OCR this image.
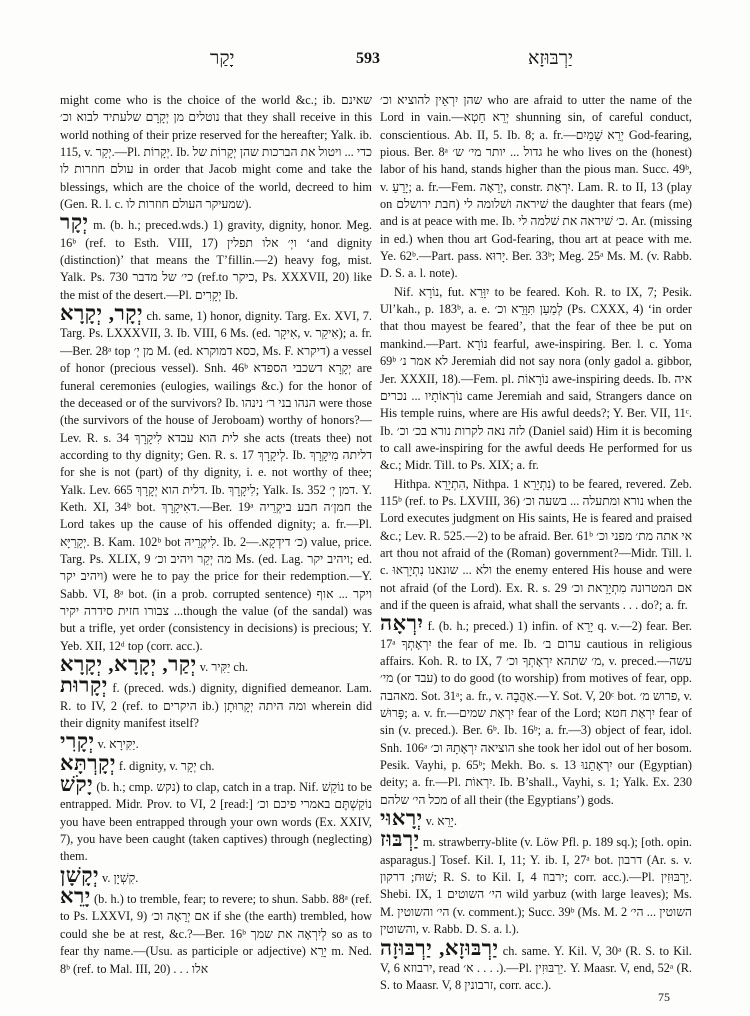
יָקַר	593	יַרְבּוּזָא

might come who is the choice of the world &c.; ib. שאינם נוטלים מן יְקָרָם שלעתיד לבוא וכ׳ that they shall receive in this world nothing of their prize reserved for the hereafter; Yalk. ib. 115, v. יְקַר.—Pl. יְקָרוֹת. Ib. כדי ... ויטול את הברכות שהן יְקָרוֹת של עולם חוזרות לו in order that Jacob might come and take the blessings, which are the choice of the world, decreed to him (Gen. R. l. c. שמעיקר העולם חוזרות לו).

יְקָר m. (b. h.; preced.wds.) 1) gravity, dignity, honor. Meg. 16ᵇ (ref. to Esth. VIII, 17) ויְ׳ אלו תפלין ‘and dignity (distinction)’ that means the T’fillin.—2) heavy fog, mist. Yalk. Ps. 730 כי׳ של מדבר (ref.to כיקר, Ps. XXXVII, 20) like the mist of the desert.—Pl. יְקָרִים Ib.

יְקָר, יְקָרָא ch. same, 1) honor, dignity. Targ. Ex. XVI, 7. Targ. Ps. LXXXVII, 3. Ib. VIII, 6 Ms. (ed. אִיקָר, v. אִיקַר); a. fr.—Ber. 28ᵃ top מן יְ׳ M. (ed. כסא דמוקרא, Ms. F. דיקרא) a vessel of honor (precious vessel). Snh. 46ᵇ יְקָרָא דשכבי הספדא are funeral ceremonies (eulogies, wailings &c.) for the honor of the deceased or of the survivors? Ib. הנהו בני ר׳ נינהו were those (the survivors of the house of Jeroboam) worthy of honors?—Lev. R. s. 34 לית הוא עבדא לִיקָרָךְ she acts (treats thee) not according to thy dignity; Gen. R. s. 17 לְיקָרָךְ. Ib. דליתה מִיקָרָךְ for she is not (part) of thy dignity, i. e. not worthy of thee; Yalk. Lev. 665 דלית הוא יְקָרָךְ. Ib. לִיקָרָךְ; Yalk. Is. 352 דמן יְ׳. Y. Keth. XI, 34ᵇ bot. דאִיקָרָךְ.—Ber. 19ᵃ חמן׳ה חבע ביקְרֵיה the Lord takes up the cause of his offended dignity; a. fr.—Pl. יְקָרַיָּא. B. Kam. 102ᵇ bot לִיקְרֵיהּ. Ib. כ׳ דידְקָא.—2) value, price. Targ. Ps. XLIX, 9 מה יְקַר ויהיב וכ׳ Ms. (ed. Lag. ויהיב יקר; ed. ויהיב יקר) were he to pay the price for their redemption.—Y. Sabb. VI, 8ᵃ bot. (in a prob. corrupted sentence) ויקר ... אוף צבורו חזית סידרה יקיר ...though the value (of the sandal) was but a trifle, yet order (consistency in decisions) is precious; Y. Yeb. XII, 12ᵈ top (corr. acc.).

יְקַר, יְקָרָא, יְקָרָא v. יַקִּיר ch.

יְקָרוּת f. (preced. wds.) dignity, dignified demeanor. Lam. R. to IV, 2 (ref. to היקרים ib.) ומה היתה יְקָרוּתָן wherein did their dignity manifest itself?

יְקָרִי v. יַקִּירָא.

יְקָרְתָּא f. dignity, v. יְקָר ch.

יָקֹשׁ (b. h.; cmp. נקש) to clap, catch in a trap. Nif. נוֹקַשׁ to be entrapped. Midr. Prov. to VI, 2 [read:] נוֹקַשְׁתֶּם באמרי פיכם וכ׳ you have been entrapped through your own words (Ex. XXIV, 7), you have been caught (taken captives) through (neglecting) them.

יְקָשָׁן v. קִשְׁיָן.

יָרֵא (b. h.) to tremble, fear; to revere; to shun. Sabb. 88ᵃ (ref. to Ps. LXXVI, 9) אם יְרֵאָה וכ׳ if she (the earth) trembled, how could she be at rest, &c.?—Ber. 16ᵇ לְיִרְאָה את שמך so as to fear thy name.—(Usu. as participle or adjective) יָרֵא m. Ned. 8ᵇ (ref. to Mal. III, 20) . . . אלו

שהן יִרְאֵין להוציא וכ׳ who are afraid to utter the name of the Lord in vain.—יְרֵא חֵטְא shunning sin, of careful conduct, conscientious. Ab. II, 5. Ib. 8; a. fr.—יְרֵא שָׁמַיִם God-fearing, pious. Ber. 8ᵃ גדול ... יותר מי׳ ש׳ he who lives on the (honest) labor of his hand, stands higher than the pious man. Succ. 49ᵇ, v. יָרֵעַ; a. fr.—Fem. יְרֵאָה, constr. יִרְאַת. Lam. R. to II, 13 (play on חבת ירושלם) שׁיראה ושׁלומה לי the daughter that fears (me) and is at peace with me. Ib. כ׳ שׁיראה את שׁלמה לי. Ar. (missing in ed.) when thou art God-fearing, thou art at peace with me. Ye. 62ᵇ.—Part. pass. יָרוּא. Ber. 33ᵇ; Meg. 25ᵃ Ms. M. (v. Rabb. D. S. a. l. note).

Nif. נוֹרָא, fut. יִוָּרֵא to be feared. Koh. R. to IX, 7; Pesik. Ul’kah., p. 183ᵇ, a. e. לְמַעַן תִּוָּרֵא וכ׳ (Ps. CXXX, 4) ‘in order that thou mayest be feared’, that the fear of thee be put on mankind.—Part. נוֹרָא fearful, awe-inspiring. Ber. l. c. Yoma 69ᵇ לא אמר נ׳ Jeremiah did not say nora (only gadol a. gibbor, Jer. XXXII, 18).—Fem. pl. נוֹרָאוֹת awe-inspiring deeds. Ib. איה נוֹרְאוֹתָיו ... נכרים came Jeremiah and said, Strangers dance on His temple ruins, where are His awful deeds?; Y. Ber. VII, 11ᶜ. Ib. לזה נאה לקרות נורא בכ׳ וכ׳ (Daniel said) Him it is becoming to call awe-inspiring for the awful deeds He performed for us &c.; Midr. Till. to Ps. XIX; a. fr.

Hithpa. הִתְיָרֵא, Nithpa. נִתְיָרֵא 1) to be feared, revered. Zeb. 115ᵇ (ref. to Ps. LXVIII, 36) נורא ומתעלה ... בשעה וכ׳ when the Lord executes judgment on His saints, He is feared and praised &c.; Lev. R. 525.—2) to be afraid. Ber. 61ᵇ אי אתה מת׳ מפני וכ׳ art thou not afraid of the (Roman) government?—Midr. Till. l. c. ולא ... שונאנו נִתְיָרְאוּ the enemy entered His house and were not afraid (of the Lord). Ex. R. s. 29 אם המטרונה מִתְיָרֵאת וכ׳ and if the queen is afraid, what shall the servants . . . do?; a. fr.

יִרְאָה f. (b. h.; preced.) 1) infin. of יָרֵא q. v.—2) fear. Ber. 17ᵃ יִרְאָתְךָ the fear of me. Ib. ערום ב׳ cautious in religious affairs. Koh. R. to IX, 7 מ׳ שתהא יִרְאָתְךָ וכ׳, v. preced.—עשה מי׳ (or עבד) to do good (to worship) from motives of fear, opp. מאהבה. Sot. 31ᵃ; a. fr., v. אַהֲבָה.—Y. Sot. V, 20ᶜ bot. פרוש מ׳, v. פָּרוּשׁ; a. v. fr.—יִרְאַת שמים fear of the Lord; יִרְאַת חטא fear of sin (v. preced.). Ber. 6ᵇ. Ib. 16ᵇ; a. fr.—3) object of fear, idol. Snh. 106ᵃ הוציאה יִרְאָתָהּ וכ׳ she took her idol out of her bosom. Pesik. Vayhi, p. 65ᵇ; Mekh. Bo. s. 13 יִרְאָתֵנוּ our (Egyptian) deity; a. fr.—Pl. יִרְאוֹת. Ib. B’shall., Vayhi, s. 1; Yalk. Ex. 230 מכל הי׳ שלהם of all their (the Egyptians’) gods.

יְרָאוּי v. יָרֵא.

יַרְבּוּז m. strawberry-blite (v. Löw Pfl. p. 189 sq.); [oth. opin. asparagus.] Tosef. Kil. I, 11; Y. ib. I, 27ᵃ bot. דרבון (Ar. s. v. שׁוּח; דרקון; R. S. to Kil. I, 4 ירבוז; corr. acc.).—Pl. יַרְבּוּזִין. Shebi. IX, 1 הי׳ השוטים wild yarbuz (with large leaves); Ms. M. הי׳ והשוטין (v. comment.); Succ. 39ᵇ (Ms. M. 2 השוטין ... הי׳ והשוטין, v. Rabb. D. S. a. l.).

יַרְבּוּזָא, יַרְבּוּזָה ch. same. Y. Kil. V, 30ᵃ (R. S. to Kil. V, 6 ירבוזא, read א׳ . . . .).—Pl. יַרְבּוּזִין. Y. Maasr. V, end, 52ᵃ (R. S. to Maasr. V, 8 זרבונין, corr. acc.).

75
